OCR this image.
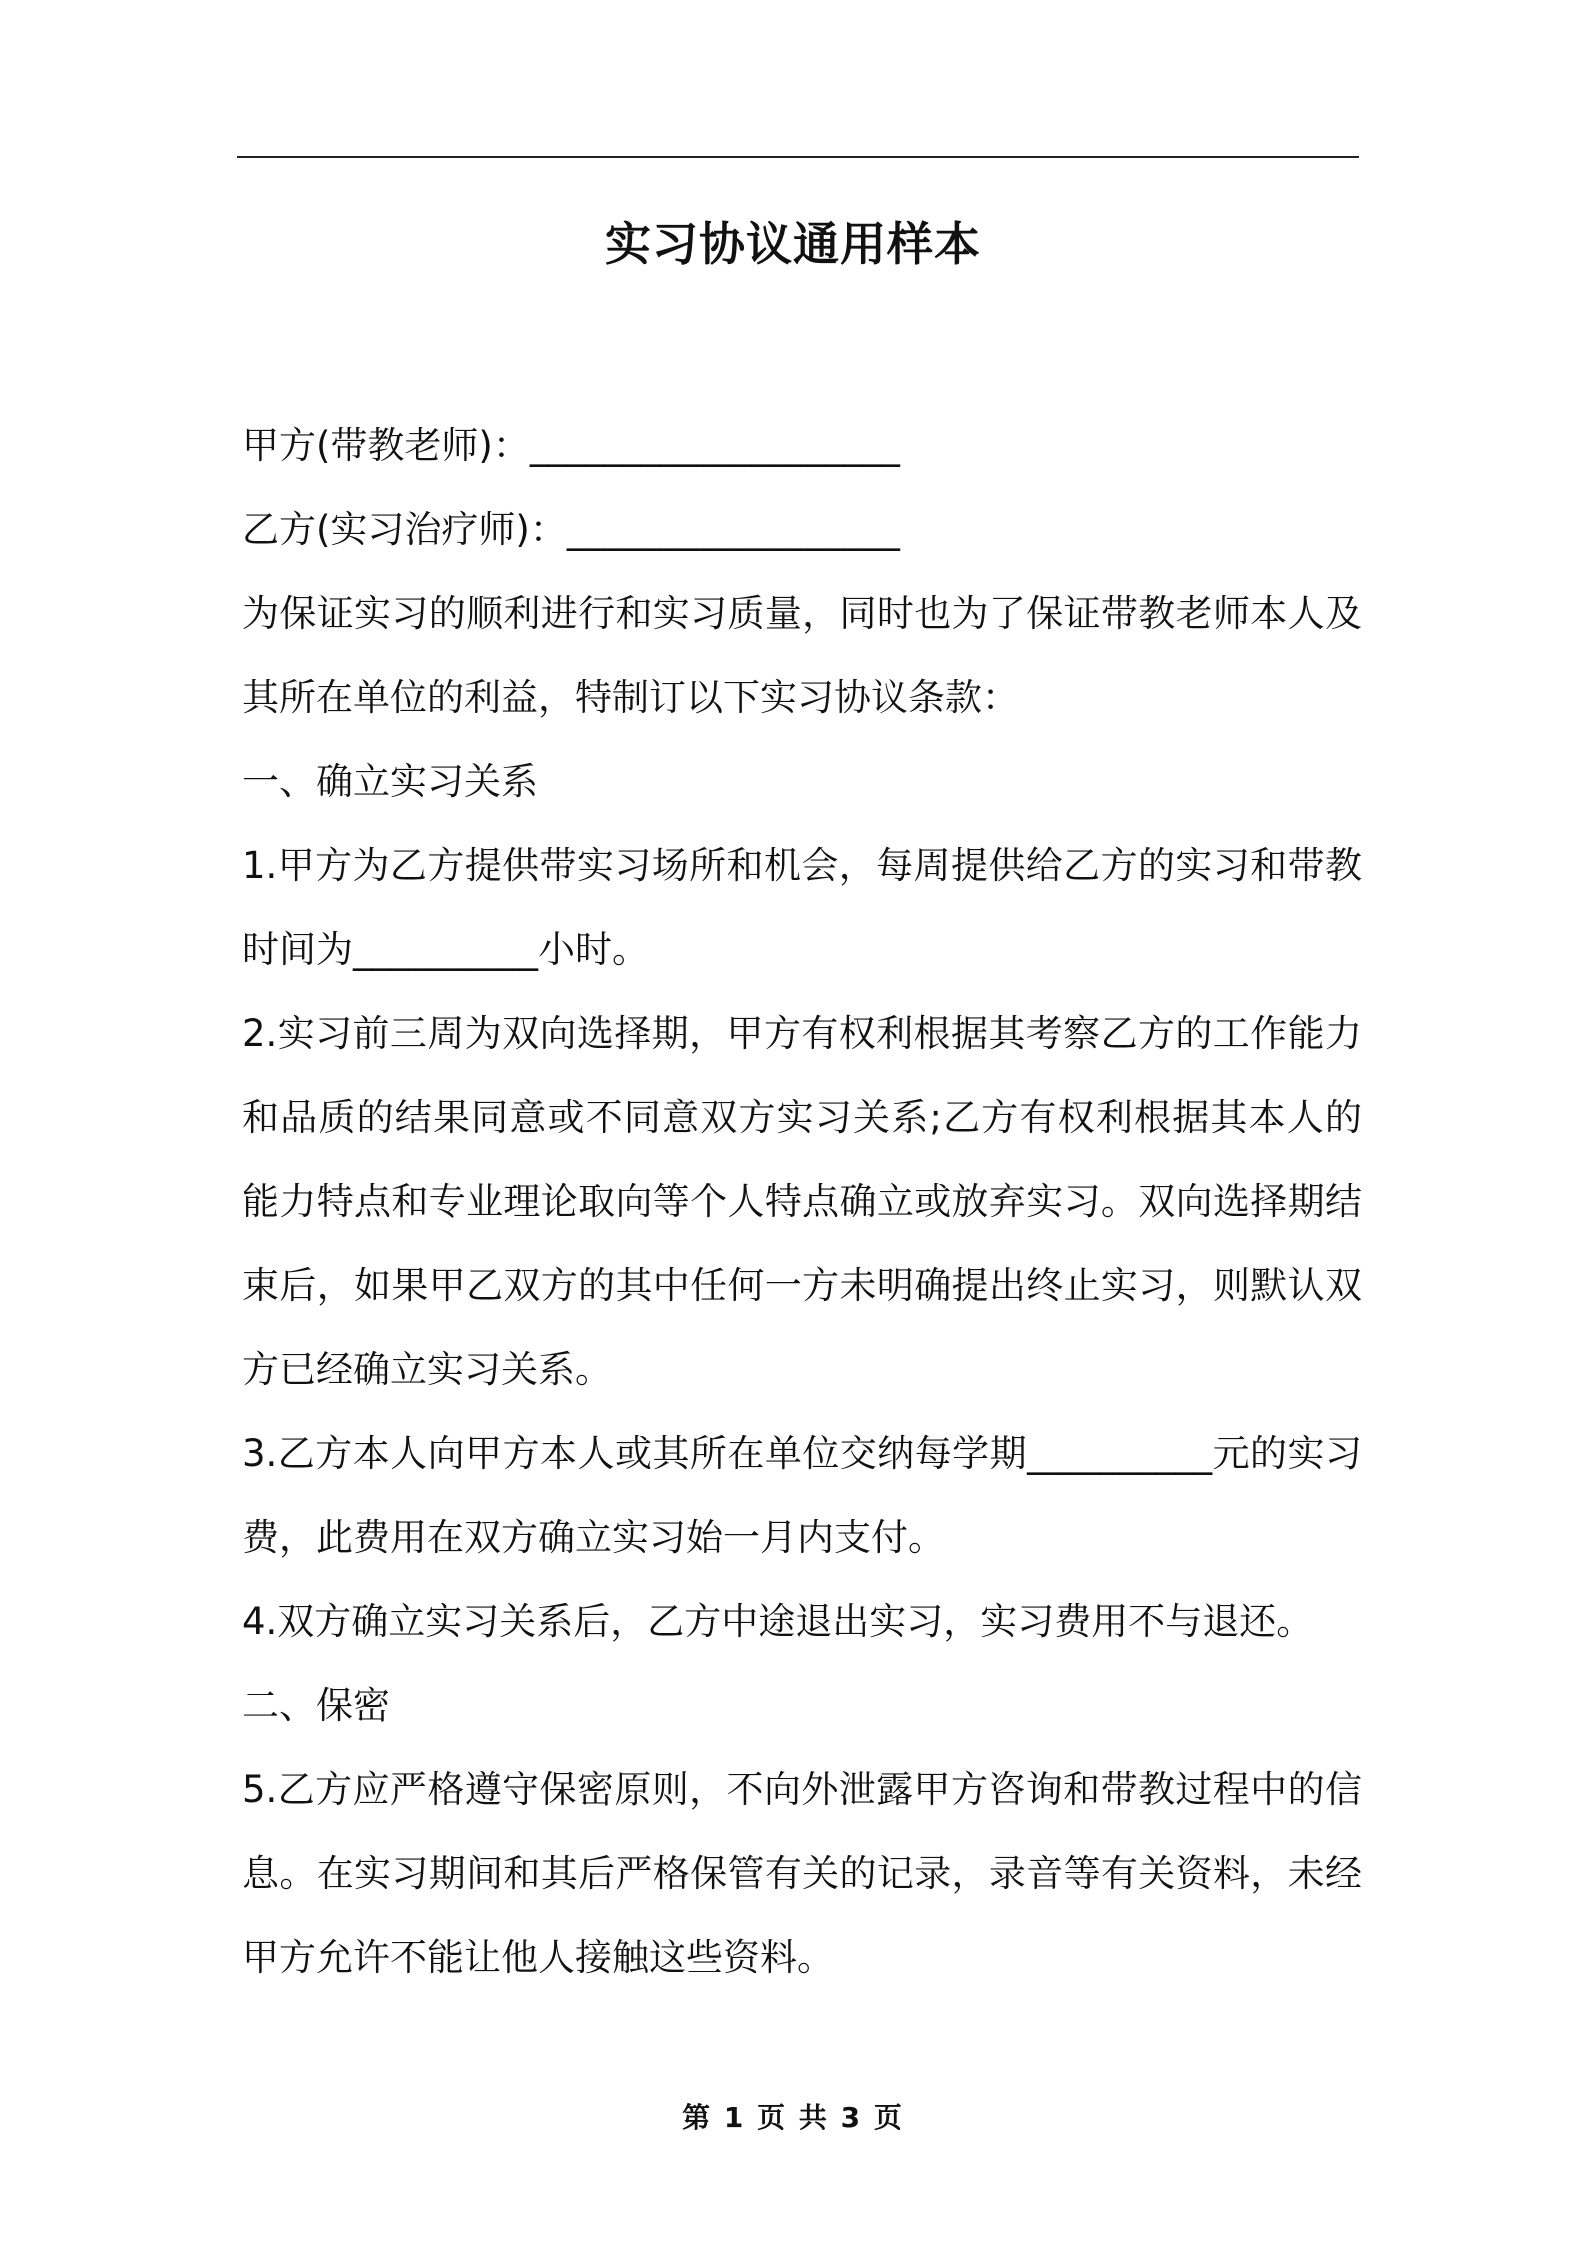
实习协议通用样本

甲方(带教老师)：____________________

乙方(实习治疗师)：__________________

为保证实习的顺利进行和实习质量，同时也为了保证带教老师本人及其所在单位的利益，特制订以下实习协议条款：

一、确立实习关系

1.甲方为乙方提供带实习场所和机会，每周提供给乙方的实习和带教时间为__________小时。

2.实习前三周为双向选择期，甲方有权利根据其考察乙方的工作能力和品质的结果同意或不同意双方实习关系;乙方有权利根据其本人的能力特点和专业理论取向等个人特点确立或放弃实习。双向选择期结束后，如果甲乙双方的其中任何一方未明确提出终止实习，则默认双方已经确立实习关系。

3.乙方本人向甲方本人或其所在单位交纳每学期__________元的实习费，此费用在双方确立实习始一月内支付。

4.双方确立实习关系后，乙方中途退出实习，实习费用不与退还。

二、保密

5.乙方应严格遵守保密原则，不向外泄露甲方咨询和带教过程中的信息。在实习期间和其后严格保管有关的记录，录音等有关资料，未经甲方允许不能让他人接触这些资料。

第 1 页 共 3 页
